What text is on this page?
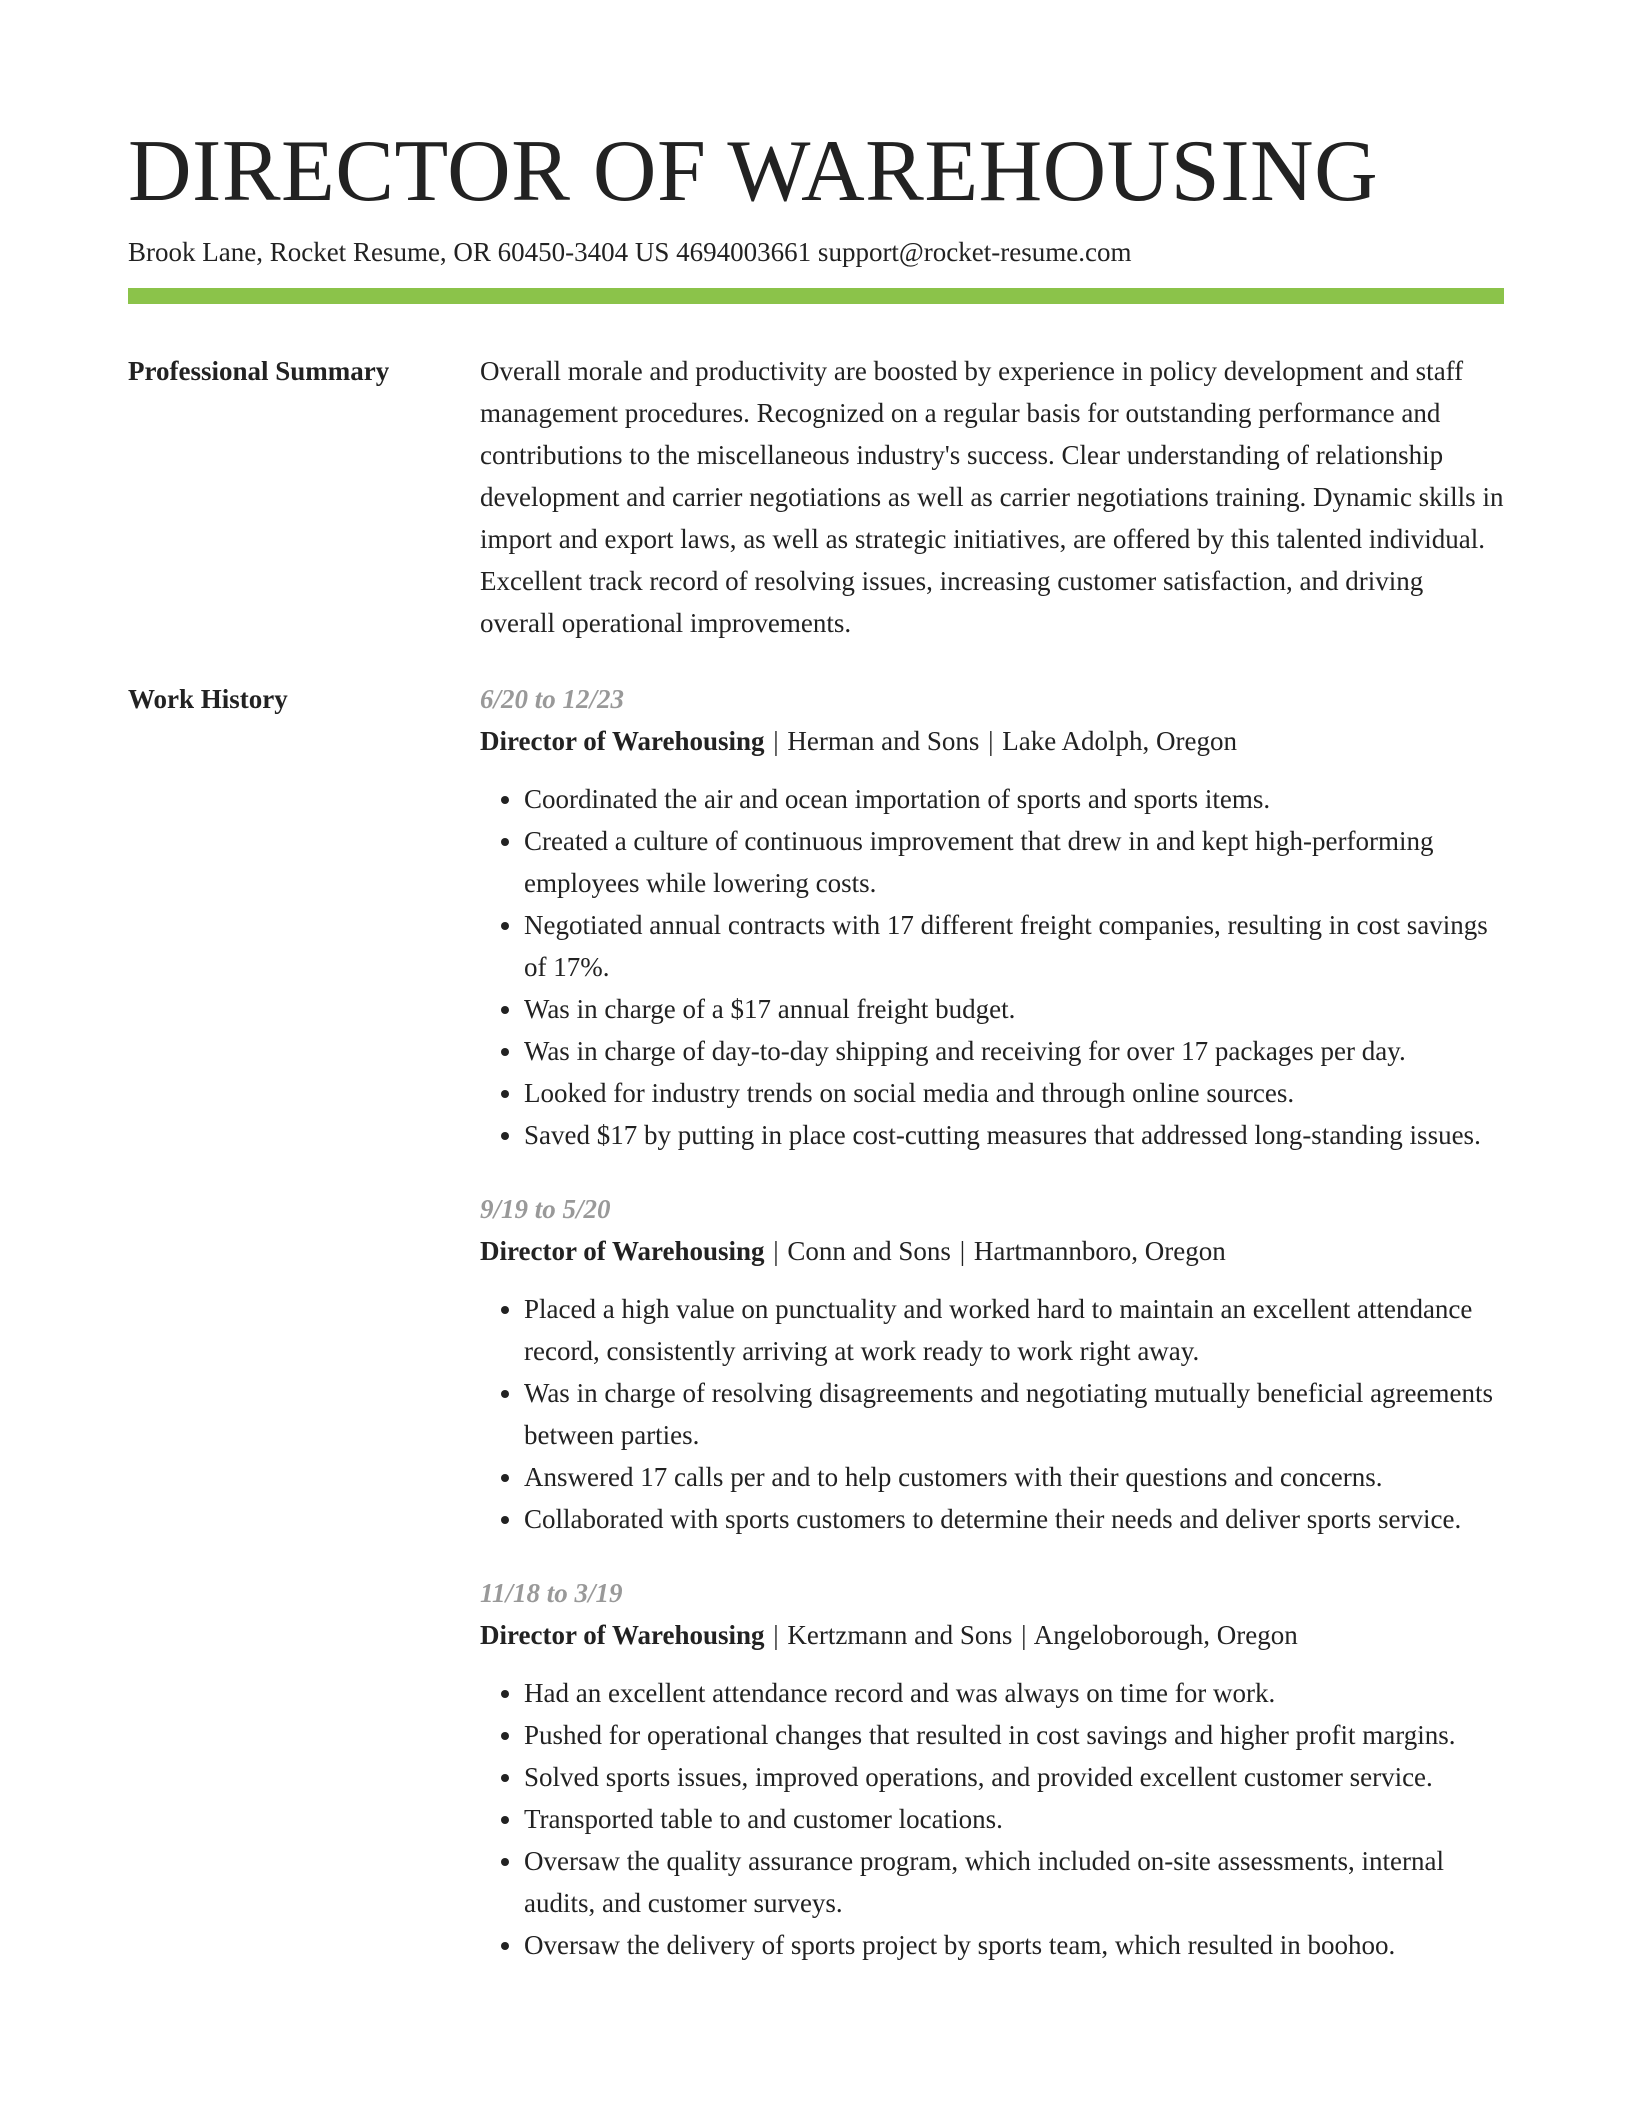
DIRECTOR OF WAREHOUSING
Brook Lane, Rocket Resume, OR 60450-3404 US 4694003661 support@rocket-resume.com
Professional Summary	Overall morale and productivity are boosted by experience in policy development and staff management procedures. Recognized on a regular basis for outstanding performance and contributions to the miscellaneous industry's success. Clear understanding of relationship development and carrier negotiations as well as carrier negotiations training. Dynamic skills in import and export laws, as well as strategic initiatives, are offered by this talented individual. Excellent track record of resolving issues, increasing customer satisfaction, and driving overall operational improvements.
Work History	6/20 to 12/23
Director of Warehousing | Herman and Sons | Lake Adolph, Oregon
• Coordinated the air and ocean importation of sports and sports items.
• Created a culture of continuous improvement that drew in and kept high-performing employees while lowering costs.
• Negotiated annual contracts with 17 different freight companies, resulting in cost savings of 17%.
• Was in charge of a $17 annual freight budget.
• Was in charge of day-to-day shipping and receiving for over 17 packages per day.
• Looked for industry trends on social media and through online sources.
• Saved $17 by putting in place cost-cutting measures that addressed long-standing issues.
9/19 to 5/20
Director of Warehousing | Conn and Sons | Hartmannboro, Oregon
• Placed a high value on punctuality and worked hard to maintain an excellent attendance record, consistently arriving at work ready to work right away.
• Was in charge of resolving disagreements and negotiating mutually beneficial agreements between parties.
• Answered 17 calls per and to help customers with their questions and concerns.
• Collaborated with sports customers to determine their needs and deliver sports service.
11/18 to 3/19
Director of Warehousing | Kertzmann and Sons | Angeloborough, Oregon
• Had an excellent attendance record and was always on time for work.
• Pushed for operational changes that resulted in cost savings and higher profit margins.
• Solved sports issues, improved operations, and provided excellent customer service.
• Transported table to and customer locations.
• Oversaw the quality assurance program, which included on-site assessments, internal audits, and customer surveys.
• Oversaw the delivery of sports project by sports team, which resulted in boohoo.
